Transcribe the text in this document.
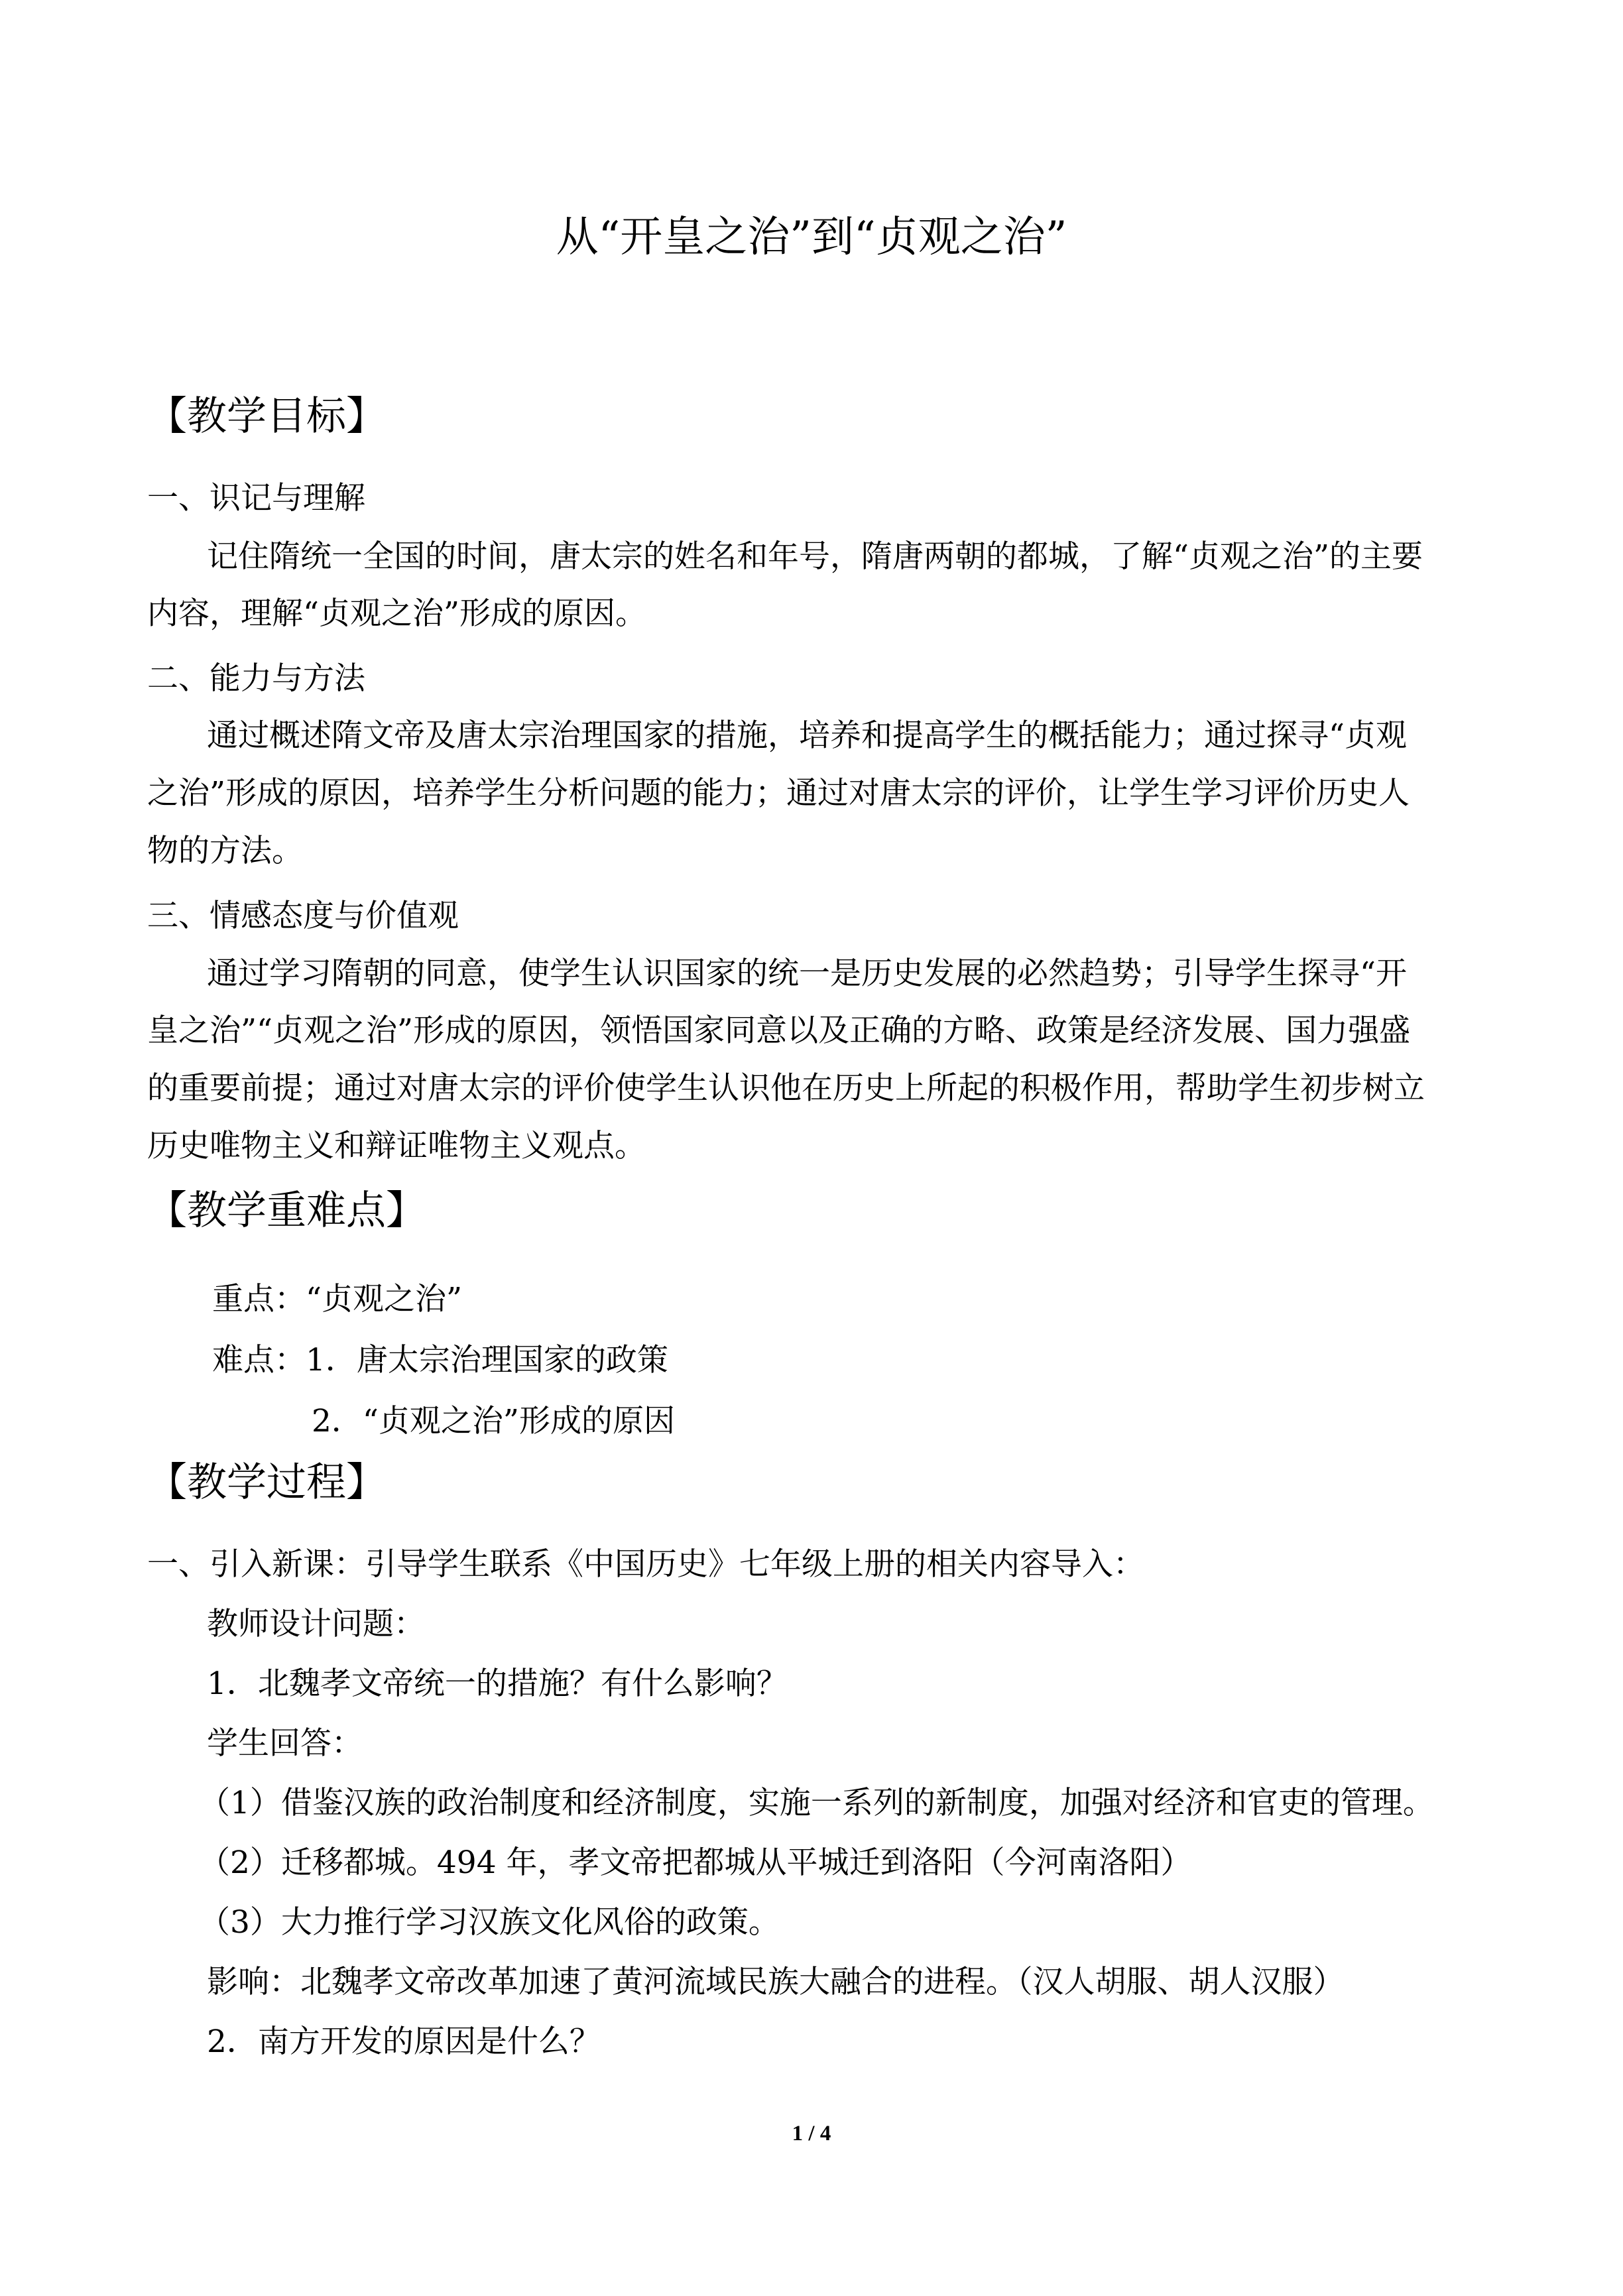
从“开皇之治”到“贞观之治”
【教学目标】

一、识记与理解

记住隋统一全国的时间，唐太宗的姓名和年号，隋唐两朝的都城，了解“贞观之治”的主要

内容，理解“贞观之治”形成的原因。

二、能力与方法

通过概述隋文帝及唐太宗治理国家的措施，培养和提高学生的概括能力；通过探寻“贞观

之治”形成的原因，培养学生分析问题的能力；通过对唐太宗的评价，让学生学习评价历史人

物的方法。

三、情感态度与价值观

通过学习隋朝的同意，使学生认识国家的统一是历史发展的必然趋势；引导学生探寻“开

皇之治”“贞观之治”形成的原因，领悟国家同意以及正确的方略、政策是经济发展、国力强盛

的重要前提；通过对唐太宗的评价使学生认识他在历史上所起的积极作用，帮助学生初步树立

历史唯物主义和辩证唯物主义观点。

【教学重难点】

重点：“贞观之治”

难点：1．唐太宗治理国家的政策

2．“贞观之治”形成的原因

【教学过程】

一、引入新课：引导学生联系《中国历史》七年级上册的相关内容导入：

教师设计问题：

1．北魏孝文帝统一的措施？有什么影响？

学生回答：

（1）借鉴汉族的政治制度和经济制度，实施一系列的新制度，加强对经济和官吏的管理。

（2）迁移都城。494 年，孝文帝把都城从平城迁到洛阳（今河南洛阳）

（3）大力推行学习汉族文化风俗的政策。

影响：北魏孝文帝改革加速了黄河流域民族大融合的进程。（汉人胡服、胡人汉服）

2．南方开发的原因是什么？

1 / 4
